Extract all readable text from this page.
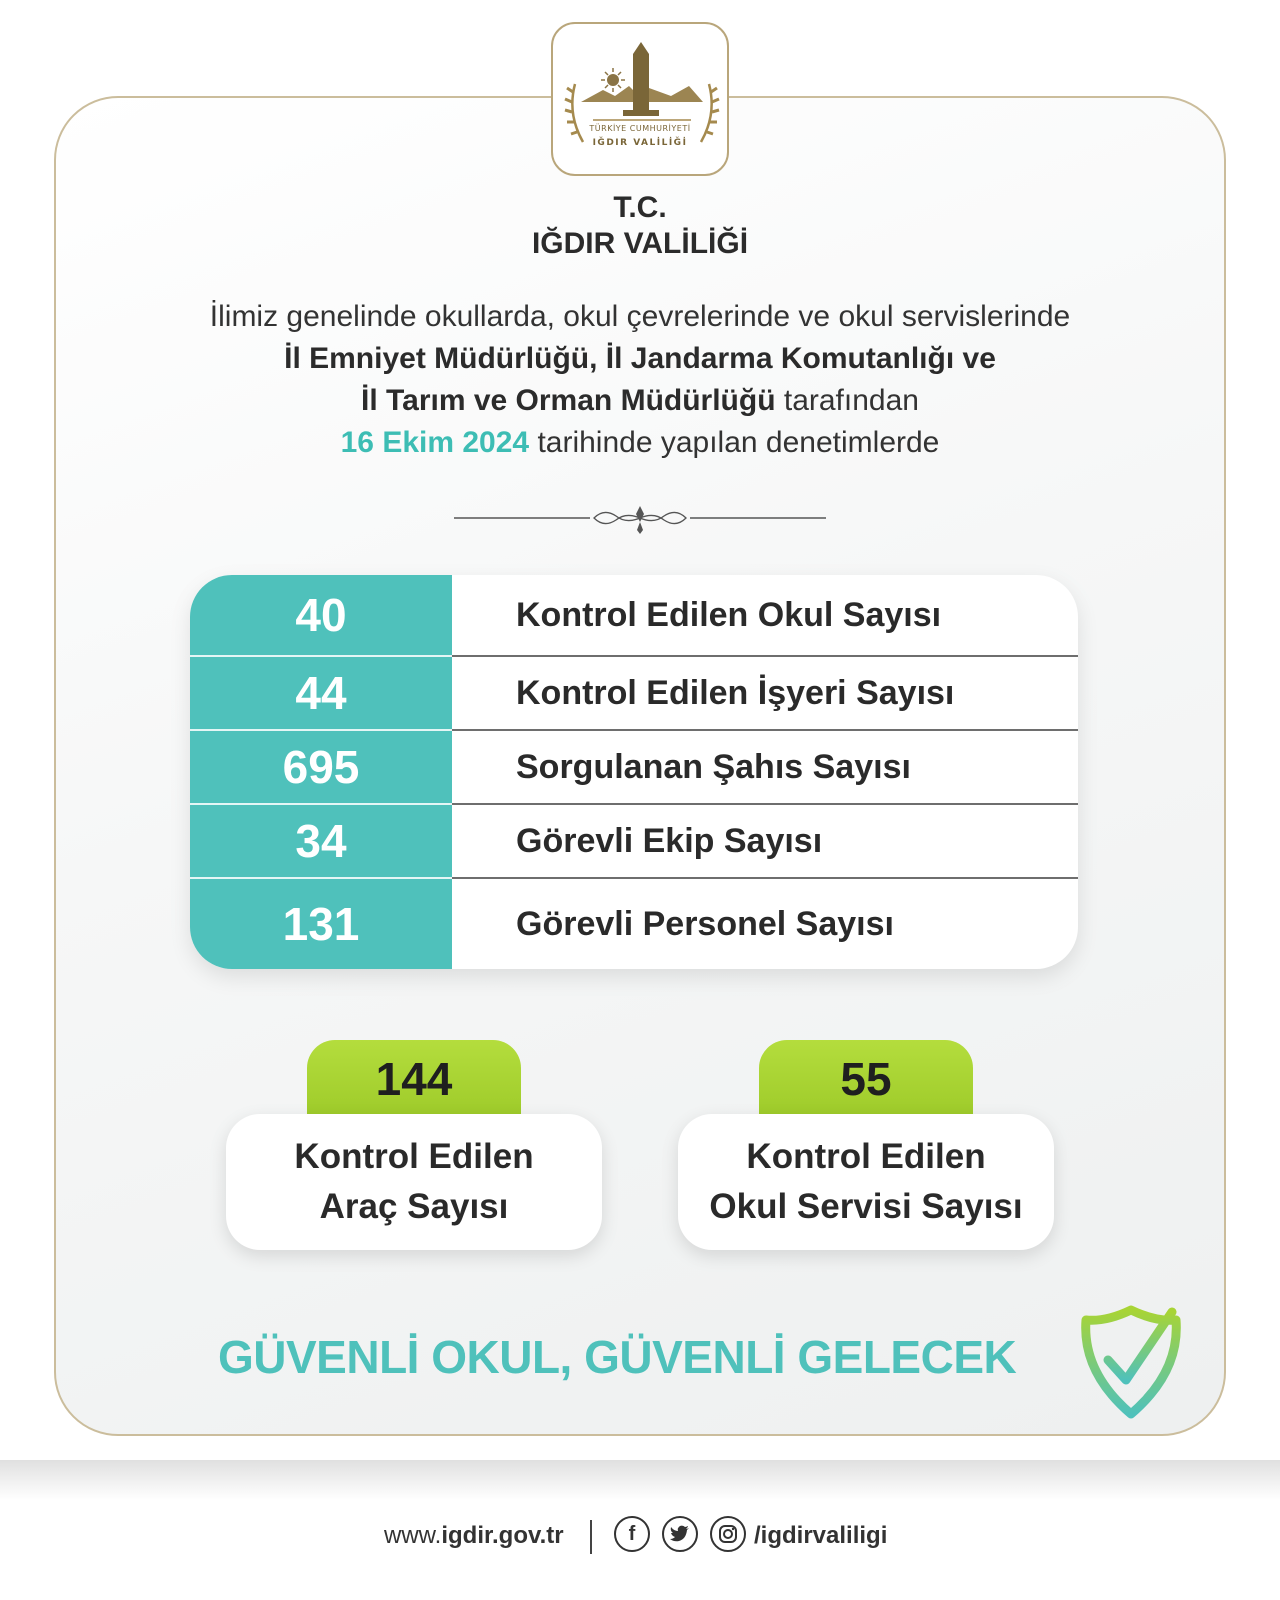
TÜRKİYE CUMHURİYETİ
IĞDIR VALİLİĞİ
T.C.
IĞDIR VALİLİĞİ
İlimiz genelinde okullarda, okul çevrelerinde ve okul servislerinde
İl Emniyet Müdürlüğü, İl Jandarma Komutanlığı ve
İl Tarım ve Orman Müdürlüğü tarafından
16 Ekim 2024 tarihinde yapılan denetimlerde
40	Kontrol Edilen Okul Sayısı
44	Kontrol Edilen İşyeri Sayısı
695	Sorgulanan Şahıs Sayısı
34	Görevli Ekip Sayısı
131	Görevli Personel Sayısı
144
Kontrol Edilen
Araç Sayısı
55
Kontrol Edilen
Okul Servisi Sayısı
GÜVENLİ OKUL, GÜVENLİ GELECEK
www.igdir.gov.tr	f	/igdirvaliligi
